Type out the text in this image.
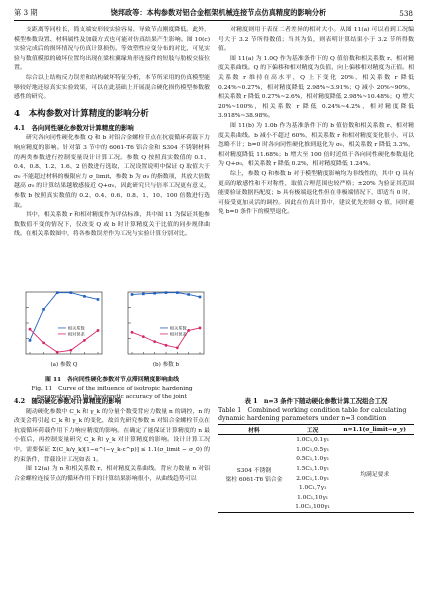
第 3 期	饶邦政等：本构参数对铝合金框架机械连接节点仿真精度的影响分析	538

支距离等同柱长，简支端安形较实验容易，导致节点刚度降低。此外，模型参数设置、材料属性及加载方式也可能对仿真结果产生影响。图 10(c)实验完成后的损坏情况与仿真计算损伤。等效塑性应变分布的对比，可见实验与数值模拟的破坏位置均出现在梁柱翼缘角形连接件的短肢与肋板交接位置。

综合以上结构反力误差和结构破坏特征分析，本节所采用的仿真模型能够较好地还原真实实验效果，可以在此基础上开展混合硬化损伤模型参数敏感性的研究。

4　本构参数对计算精度的影响分析
4.1　各向同性硬化参数对计算精度的影响

研究各向同性硬化参数 Q 和 b 对铝合金螺栓节点在抗震循环荷载下力响应精度的影响。针对第 3 节中的 6061-T6 铝合金和 S304 不锈钢材料的两类参数进行控制变量设计计算工况。参数 Q 按照真实数值的 0.1、0.4、0.8、1.2、1.6、2 倍数进行选取，工况设置说明中保证 Q 取值大于 σ₀ 不能超过材料的极限应力 σ_limit，参数 b 为 σ₀ 的指数项，其放大倍数越高 σ₀ 的计算结果越敏感接近 Q+σ₀，因此研究只与倍率工况更有意义，参数 b 按照真实数值的 0.2、0.4、0.6、0.8、1、10、100 倍数进行选取。

其中，相关系数 r 和相对精度作为评估标准，其中图 11 为保证其他参数数值不变的情况下，仅改变 Q 或 b 时计算精度关于比值的同步规律曲线。在相关系数图中，将各参数误差作为工况与实验计算分别对比。

相关系数
相对误差
(a) 参数 Q
相关系数
相对误差
(b) 参数 b
图 11　各向同性硬化参数对节点滞回精度影响曲线
Fig. 11　Curve of the influence of isotropic hardening parameters on the hysteretic accuracy of the joint
4.2　随动硬化参数对计算精度的影响

随动硬化参数中 C_k 和 γ_k 的分量个数受背应力数量 n 的调控，n 的改变会将引起 C_k 和 γ_k 的变化，故首先研究参数 n 对铝合金螺栓节点在抗震循环荷载作用下力响应精度的影响。在确定了能保证计算精度的 n 最小值后，再控制变量研究 C_k 和 γ_k 对计算精度的影响。设计计算工况中，需要保证 Σ(C_k/γ_k)[1−e^(−γ_k·ε^p)] ≤ 1.1(σ_limit − σ_0) 的约束条件，背载设计工况如表 1。

图 12(a) 为 n 和相关系数 r、相对精度关系曲线。背应力数量 n 对铝合金螺栓连接节点的循环作用下的计算结果影响很小，从曲线趋势可以

对精度则用于表征二者差异的相对大小。从图 11(a) 可以看到工况编号大于 3.2 节所得数值；当其为负，则表明计算结果小于 3.2 节所得数值。

图 11(a) 为 1.0Q 作为基准条件下的 Q 值倍数和相关系数 r、相对精度关系曲线。Q 的下偏移和相对精度为负值，向上偏移相对精度为正值。相关系数 r 维持在高水平，Q 上下变化 20%，相关系数 r 降低 0.24%~0.27%，相对精度降低 2.98%~3.91%；Q 减小 20%~90%，相关系数 r 降低 0.27%~2.6%，相对精度降低 2.98%~10.48%；Q 增大 20%~100%，相关系数 r 降低 0.24%~4.2%，相对精度降低 3.918%~38.98%。

图 11(b) 为 1.0b 作为基准条件下的 b 值倍数和相关系数 r、相对精度关系曲线。b 减小不超过 60%，相关系数 r 和相对精度变化很小，可以忽略不计；b=0 时各向同性硬化推到退化为 σ₀，相关系数 r 降低 3.3%，相对精度降低 11.68%；b 增大至 100 倍时近似于各向同性硬化参数退化为 Q+σ₀，相关系数 r 降低 0.2%，相对精度降低 1.24%。

综上，参数 Q 和参数 b 对于模型精度影响均为非线性的，其中 Q 具有更高的敏感性和不对称性，取值合理范围也较严格；±20% 为验证其范围能要验证数据匹配度；b 具有极端退化性但在非极端情况下，即适当 0 时，可接受更加灵活的调控。因此在仿真计算中，建议优先控制 Q 值，同时避免 b=0 条件下的模型退化。

表 1　n=3 条件下随动硬化参数计算工况组合工况
Table 1　Combined working condition table for calculating dynamic hardening parameters under n=3 condition
材料	工况	n=1.1(σ_limit−σ_y)
S304 不锈钢
梁柱 6061-T6 铝合金	1.0C₁,0.1γ₁	均满足要求
	1.0C₁,0.5γ₁	
	0.5C₁,1.0γ₁	
	1.5C₁,1.0γ₁	
	2.0C₁,1.0γ₁	
	1.0C₁,7γ₁	
	1.0C₁,10γ₁	
	1.0C₁,100γ₁	
